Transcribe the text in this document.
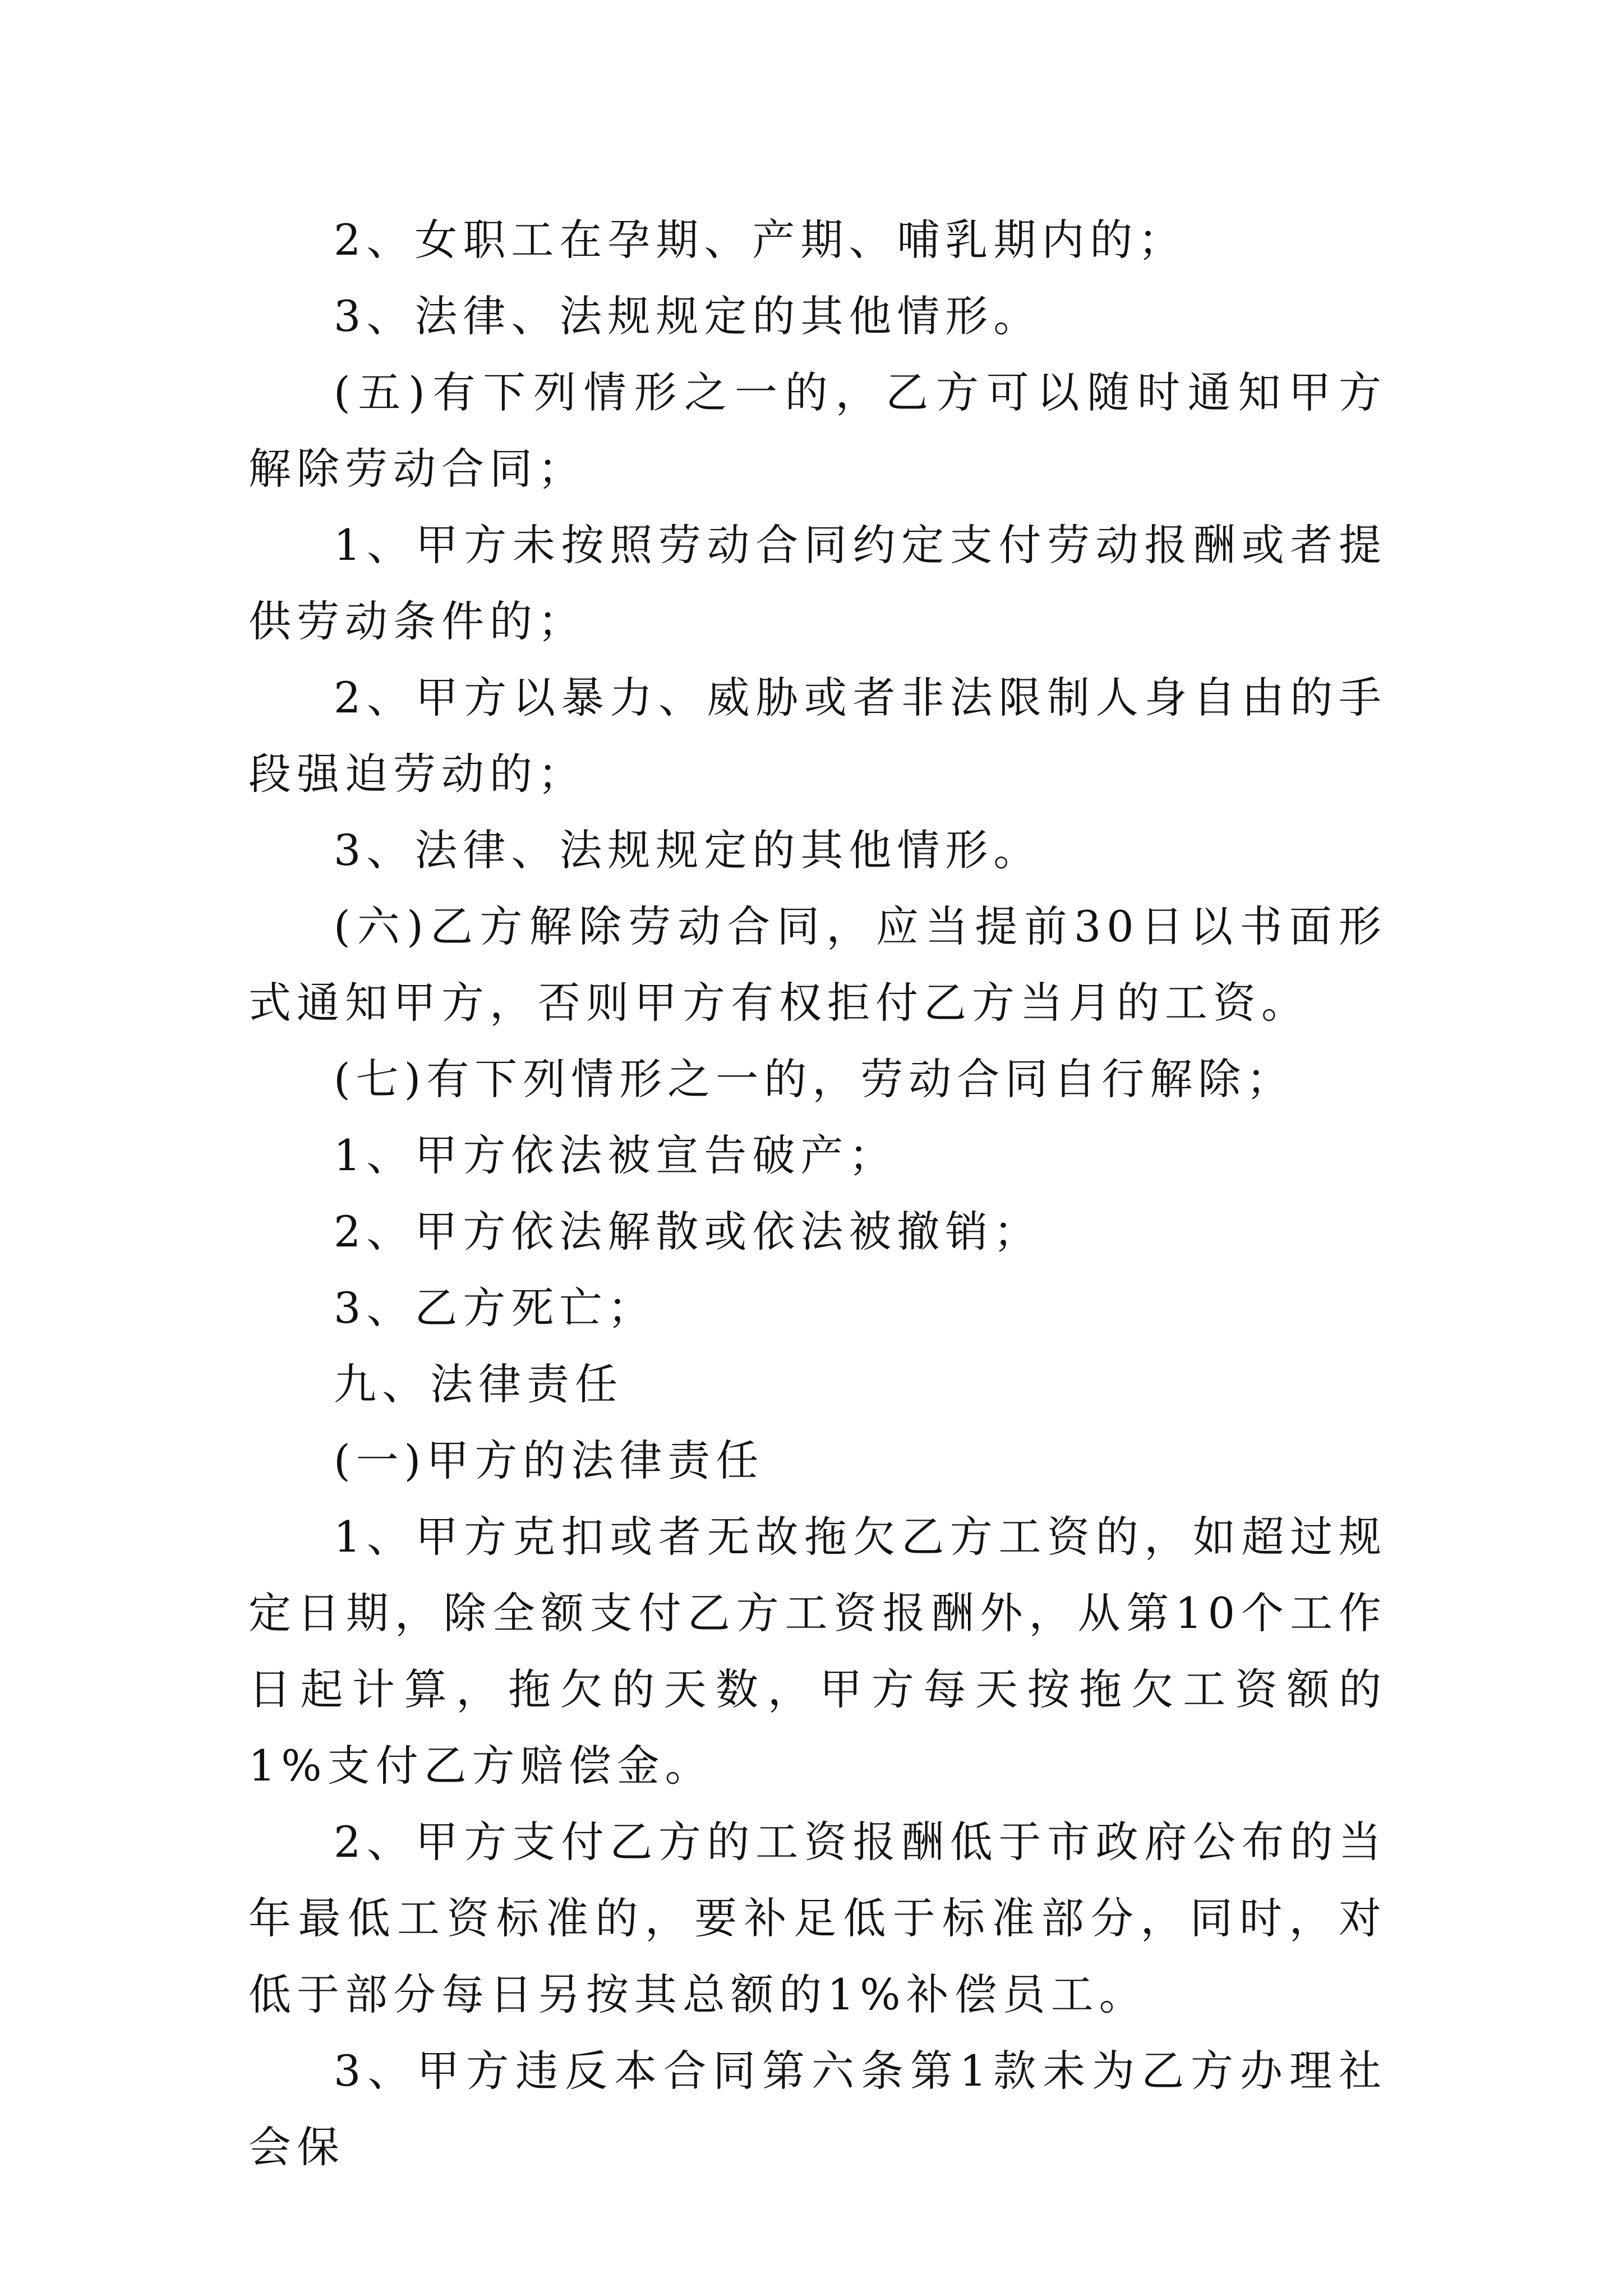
2、女职工在孕期、产期、哺乳期内的；

3、法律、法规规定的其他情形。

(五)有下列情形之一的，乙方可以随时通知甲方解除劳动合同；

1、甲方未按照劳动合同约定支付劳动报酬或者提供劳动条件的；

2、甲方以暴力、威胁或者非法限制人身自由的手段强迫劳动的；

3、法律、法规规定的其他情形。

(六)乙方解除劳动合同，应当提前30日以书面形式通知甲方，否则甲方有权拒付乙方当月的工资。

(七)有下列情形之一的，劳动合同自行解除；

1、甲方依法被宣告破产；

2、甲方依法解散或依法被撤销；

3、乙方死亡；

九、法律责任

(一)甲方的法律责任

1、甲方克扣或者无故拖欠乙方工资的，如超过规定日期，除全额支付乙方工资报酬外，从第10个工作日起计算，拖欠的天数，甲方每天按拖欠工资额的1%支付乙方赔偿金。

2、甲方支付乙方的工资报酬低于市政府公布的当年最低工资标准的，要补足低于标准部分，同时，对低于部分每日另按其总额的1%补偿员工。

3、甲方违反本合同第六条第1款未为乙方办理社会保
